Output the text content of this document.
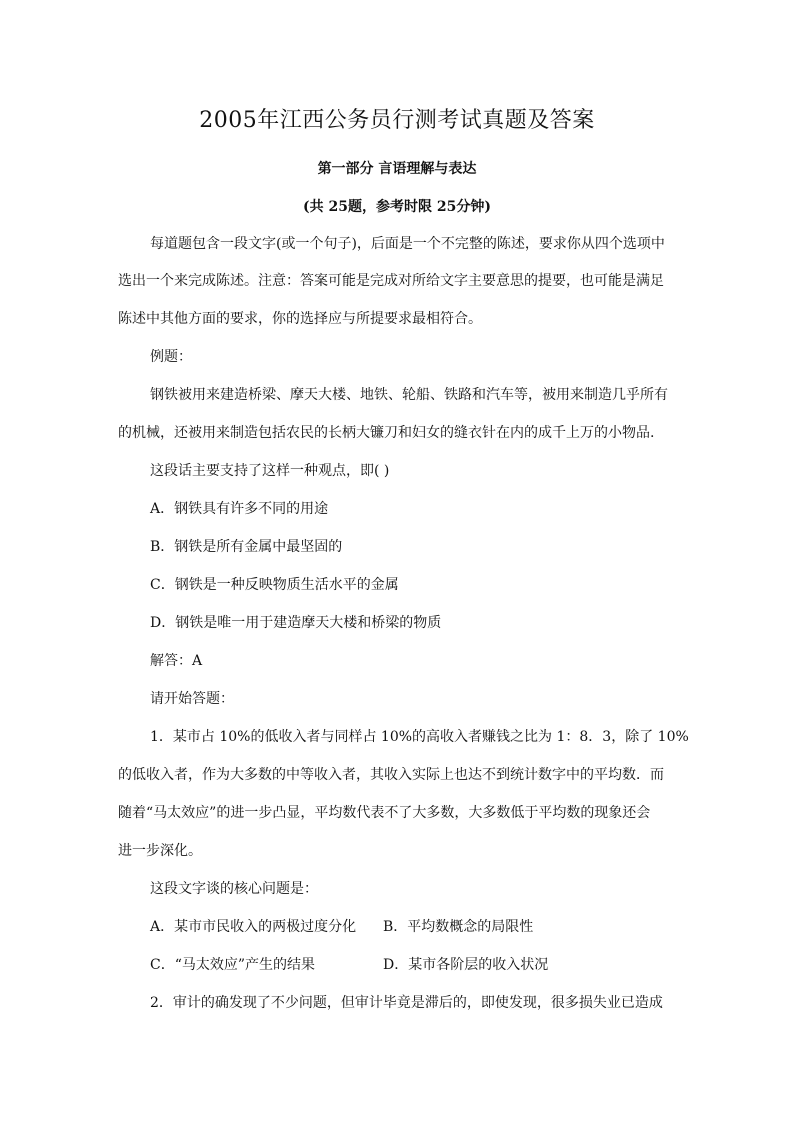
2005年江西公务员行测考试真题及答案
第一部分 言语理解与表达
(共 25题，参考时限 25分钟)
每道题包含一段文字(或一个句子)，后面是一个不完整的陈述，要求你从四个选项中
选出一个来完成陈述。注意：答案可能是完成对所给文字主要意思的提要，也可能是满足
陈述中其他方面的要求，你的选择应与所提要求最相符合。
例题：
钢铁被用来建造桥梁、摩天大楼、地铁、轮船、铁路和汽车等，被用来制造几乎所有
的机械，还被用来制造包括农民的长柄大镰刀和妇女的缝衣针在内的成千上万的小物品.
这段话主要支持了这样一种观点，即( )
A．钢铁具有许多不同的用途
B．钢铁是所有金属中最坚固的
C．钢铁是一种反映物质生活水平的金属
D．钢铁是唯一用于建造摩天大楼和桥梁的物质
解答：A
请开始答题：
1．某市占 10%的低收入者与同样占 10%的高收入者赚钱之比为 1：8．3，除了 10%
的低收入者，作为大多数的中等收入者，其收入实际上也达不到统计数字中的平均数．而
随着“马太效应”的进一步凸显，平均数代表不了大多数，大多数低于平均数的现象还会
进一步深化。
这段文字谈的核心问题是：
A．某市市民收入的两极过度分化 B．平均数概念的局限性
C．“马太效应”产生的结果	D．某市各阶层的收入状况
2．审计的确发现了不少问题，但审计毕竟是滞后的，即使发现，很多损失业已造成
